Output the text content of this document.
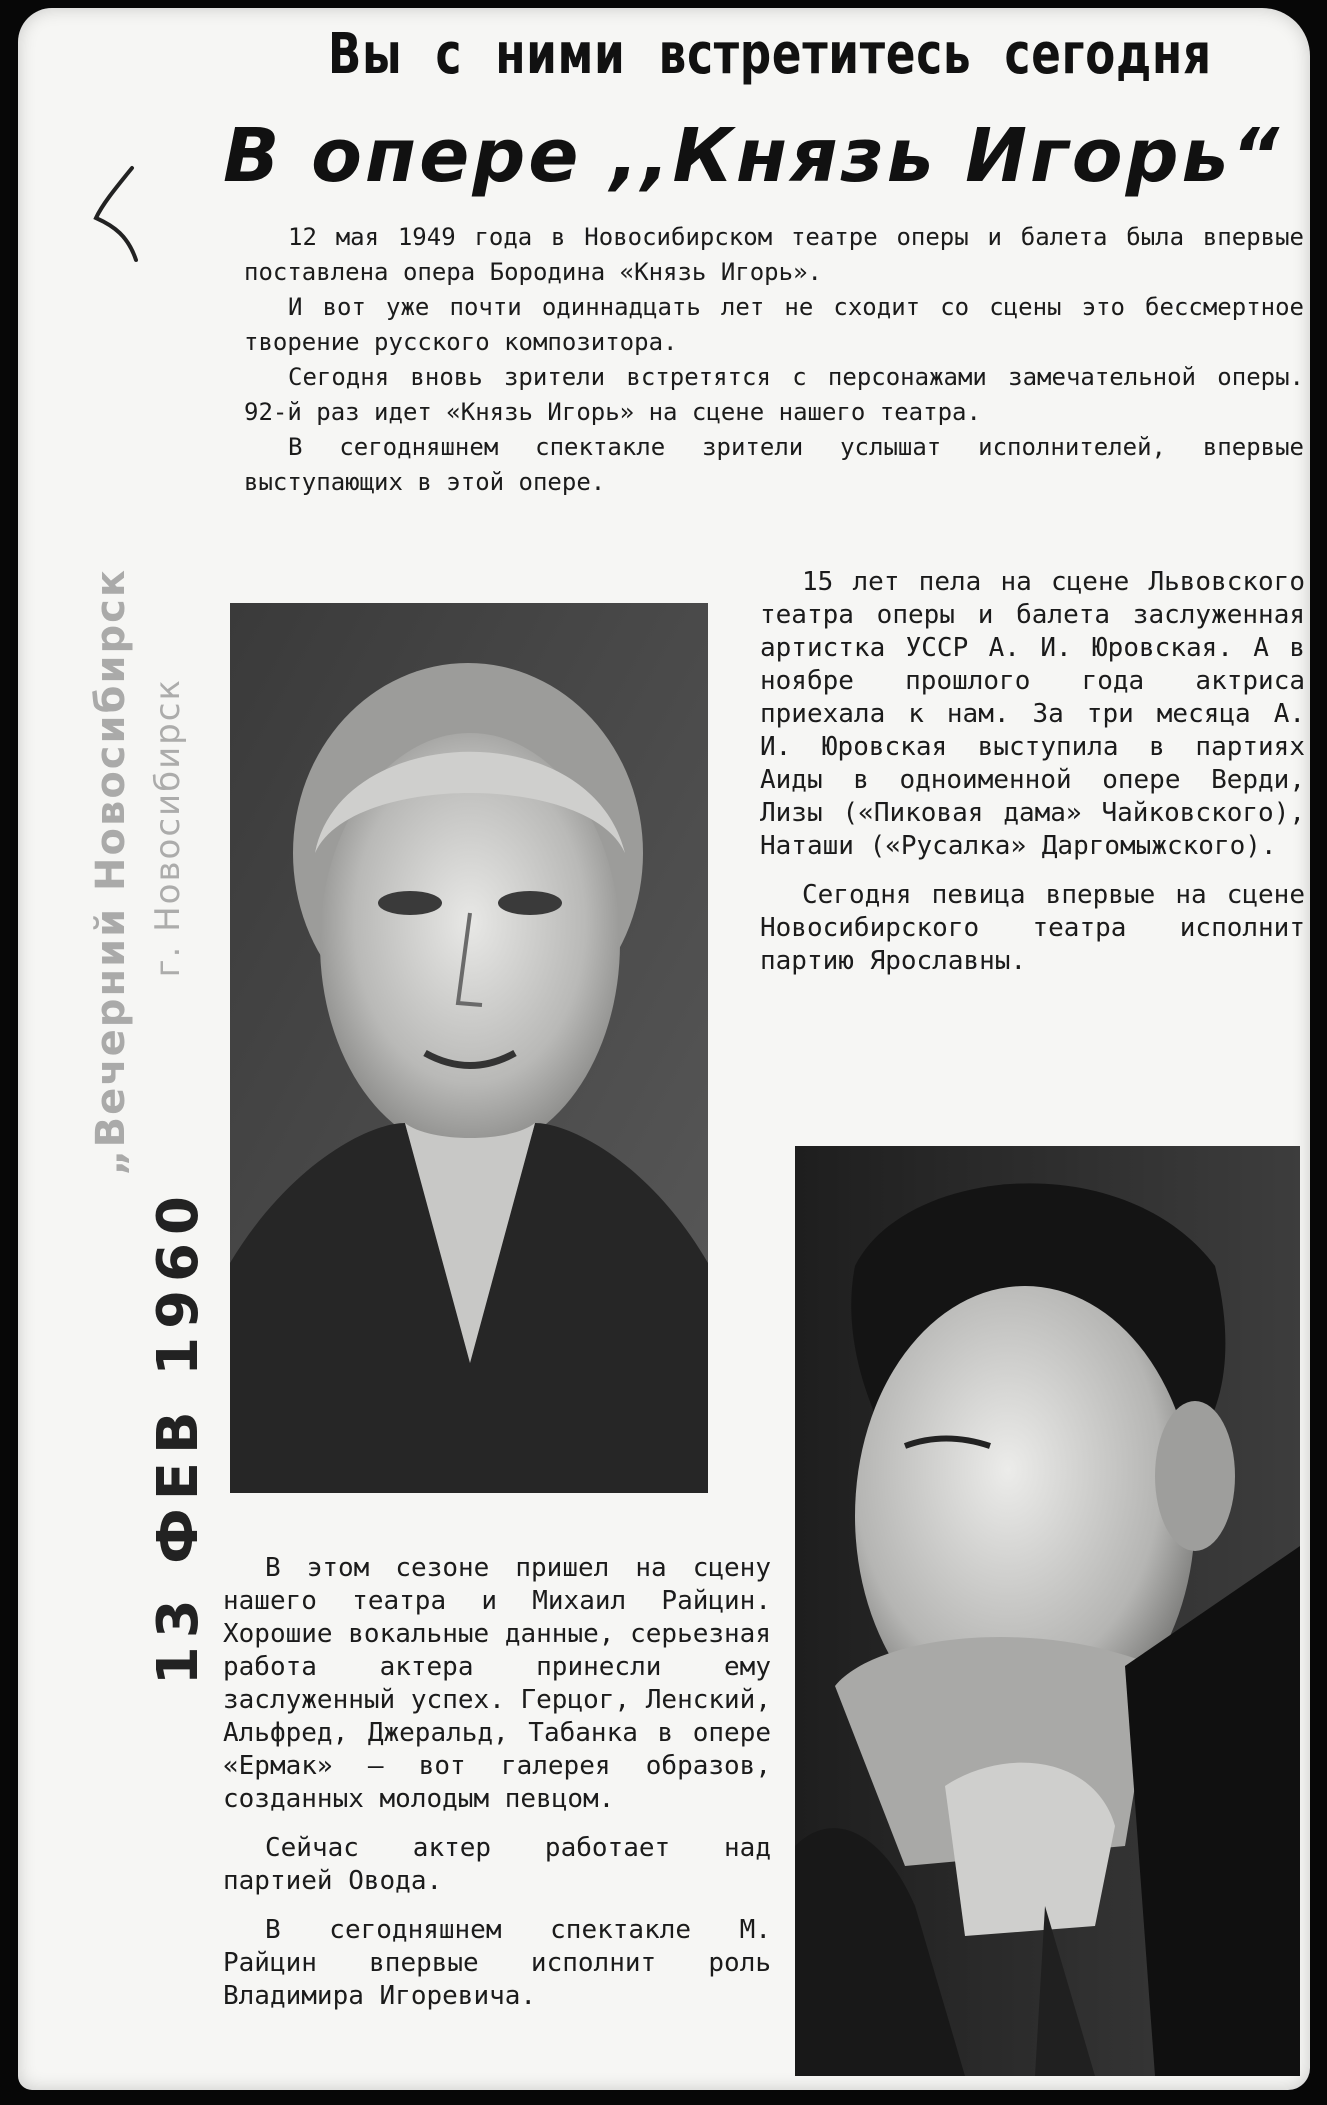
Вы с ними встретитесь сегодня
В опере ,,Князь Игорь“

12 мая 1949 года в Новосибирском театре оперы и балета была впервые поставлена опера Бородина «Князь Игорь».

И вот уже почти одиннадцать лет не сходит со сцены это бессмертное творение русского композитора.

Сегодня вновь зрители встретятся с персонажами замечательной оперы. 92-й раз идет «Князь Игорь» на сцене нашего театра.

В сегодняшнем спектакле зрители услышат исполнителей, впервые выступающих в этой опере.

15 лет пела на сцене Львовского театра оперы и балета заслуженная артистка УССР А. И. Юровская. А в ноябре прошлого года актриса приехала к нам. За три месяца А. И. Юровская выступила в партиях Аиды в одноименной опере Верди, Лизы («Пиковая дама» Чайковского), Наташи («Русалка» Даргомыжского).

Сегодня певица впервые на сцене Новосибирского театра исполнит партию Ярославны.

В этом сезоне пришел на сцену нашего театра и Михаил Райцин. Хорошие вокальные данные, серьезная работа актера принесли ему заслуженный успех. Герцог, Ленский, Альфред, Джеральд, Табанка в опере «Ермак» — вот галерея образов, созданных молодым певцом.

Сейчас актер работает над партией Овода.

В сегодняшнем спектакле М. Райцин впервые исполнит роль Владимира Игоревича.

„Вечерний Новосибирск г. Новосибирск
13 ФЕВ 1960
